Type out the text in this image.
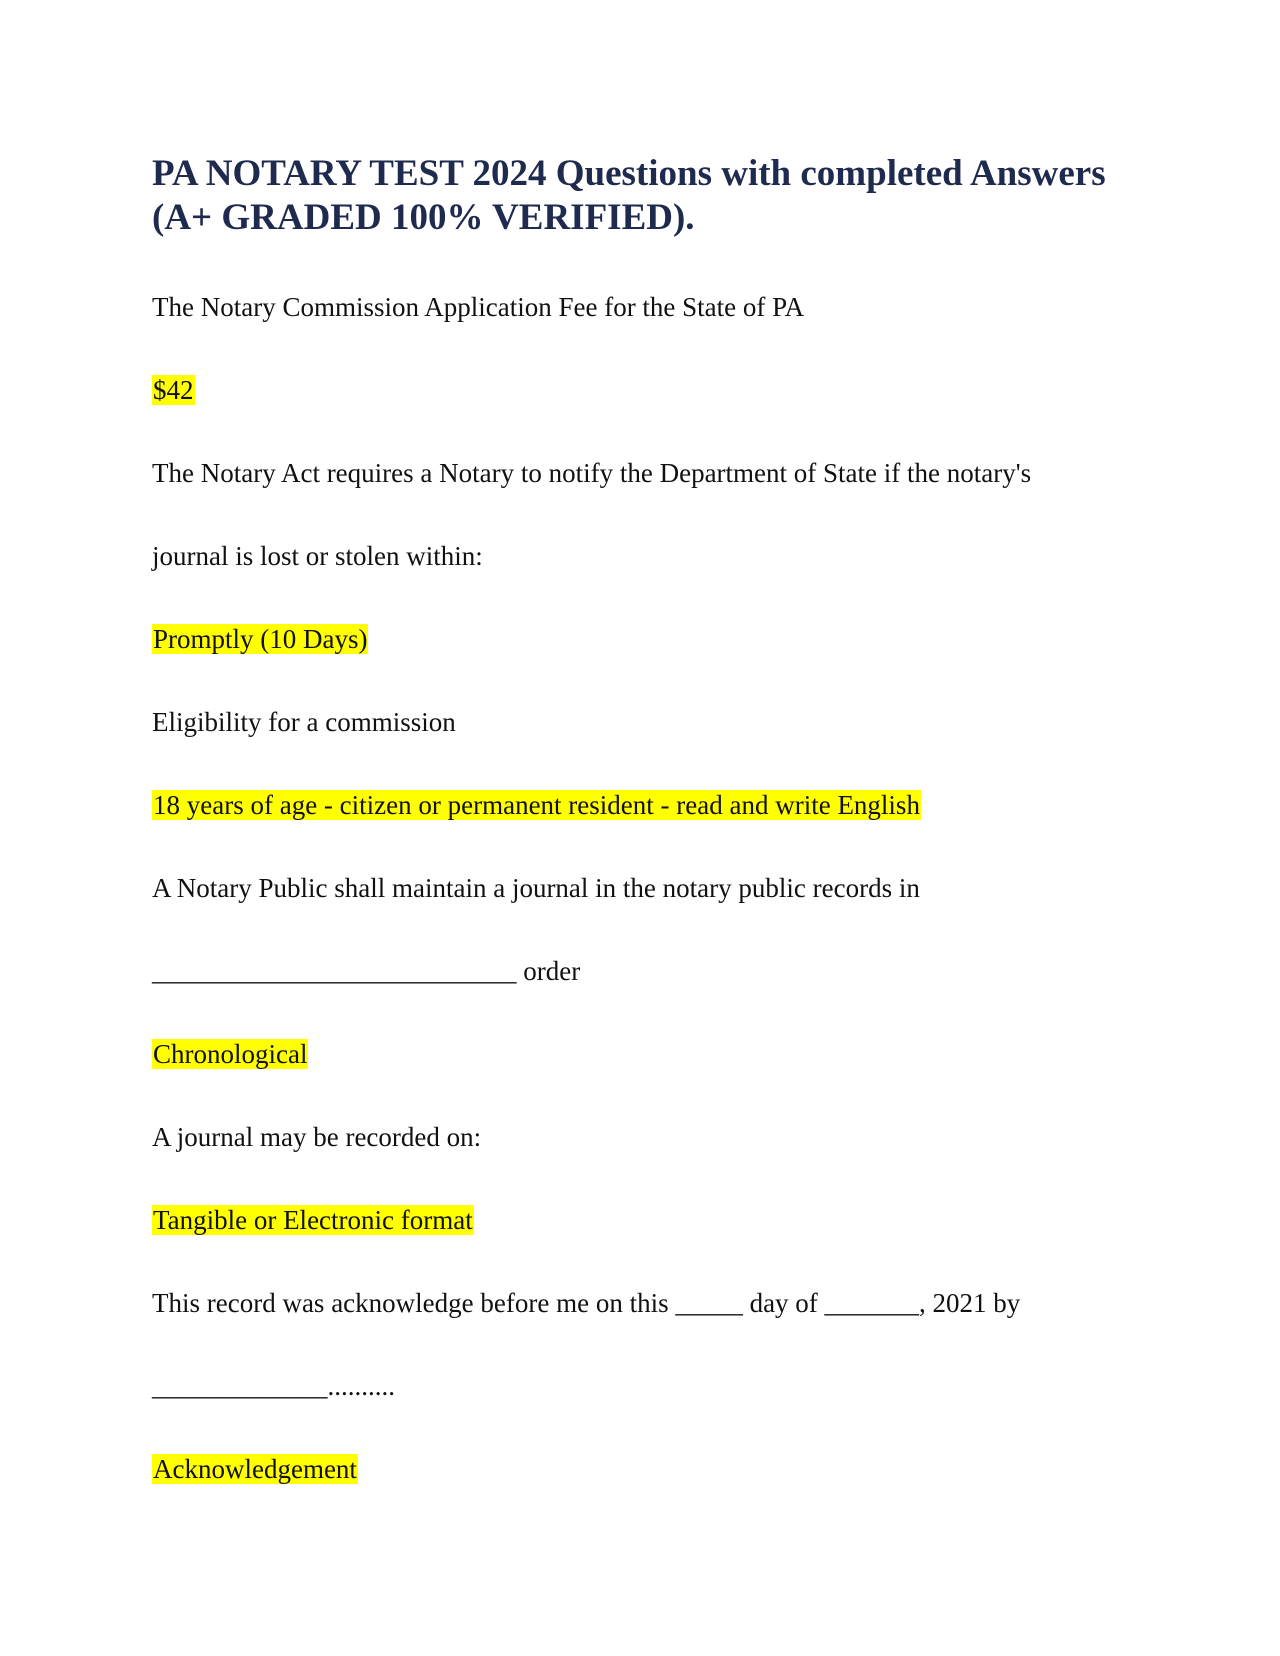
PA NOTARY TEST 2024 Questions with completed Answers (A+ GRADED 100% VERIFIED).

The Notary Commission Application Fee for the State of PA

$42

The Notary Act requires a Notary to notify the Department of State if the notary's

journal is lost or stolen within:

Promptly (10 Days)

Eligibility for a commission

18 years of age - citizen or permanent resident - read and write English

A Notary Public shall maintain a journal in the notary public records in

___________________________ order

Chronological

A journal may be recorded on:

Tangible or Electronic format

This record was acknowledge before me on this _____ day of _______, 2021 by

_____________..........

Acknowledgement
